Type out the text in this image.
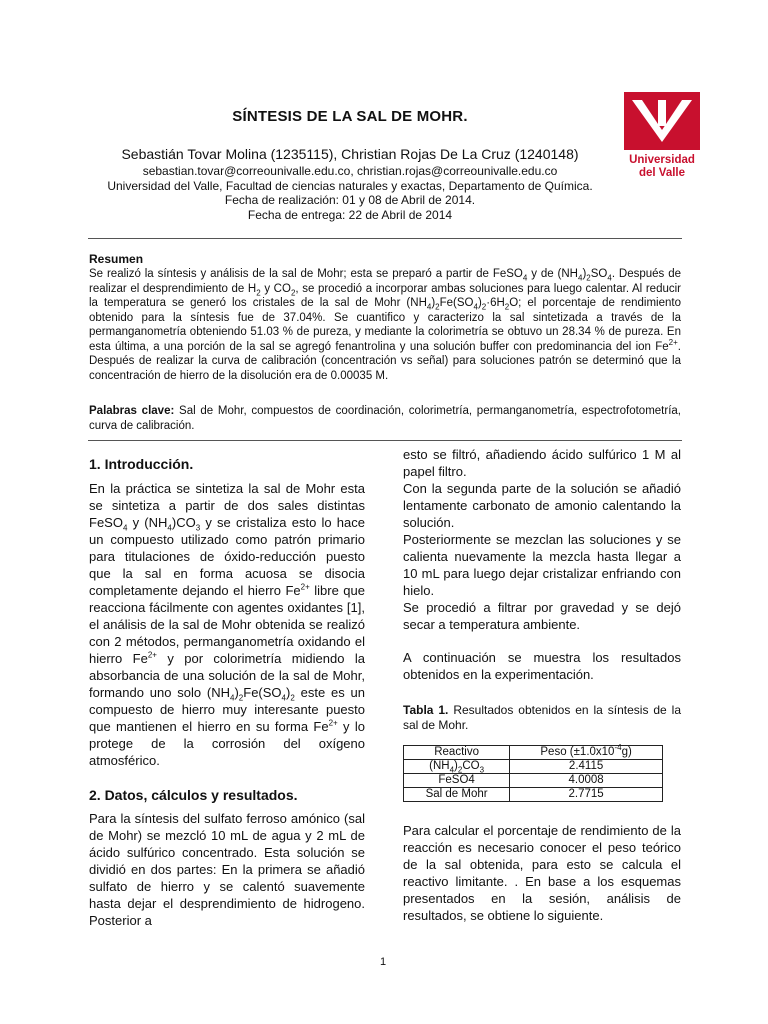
SÍNTESIS DE LA SAL DE MOHR.
Sebastián Tovar Molina (1235115), Christian Rojas De La Cruz (1240148)
sebastian.tovar@correounivalle.edu.co, christian.rojas@correounivalle.edu.co
Universidad del Valle, Facultad de ciencias naturales y exactas, Departamento de Química.
Fecha de realización: 01 y 08 de Abril de 2014.
Fecha de entrega: 22 de Abril de 2014
Universidad
del Valle
Resumen

Se realizó la síntesis y análisis de la sal de Mohr; esta se preparó a partir de FeSO$_4$ y de $(NH_4)_2SO_4$. Después de realizar el desprendimiento de $H_2$ y $CO_2$, se procedió a incorporar ambas soluciones para luego calentar. Al reducir la temperatura se generó los cristales de la sal de Mohr $(NH_4)_2Fe(SO_4)_2\cdot 6H_2O$; el porcentaje de rendimiento obtenido para la síntesis fue de 37.04%. Se cuantifico y caracterizo la sal sintetizada a través de la permanganometría obteniendo 51.03 % de pureza, y mediante la colorimetría se obtuvo un 28.34 % de pureza. En esta última, a una porción de la sal se agregó fenantrolina y una solución buffer con predominancia del ion $Fe^{2+}$. Después de realizar la curva de calibración (concentración vs señal) para soluciones patrón se determinó que la concentración de hierro de la disolución era de 0.00035 M.

Palabras clave: Sal de Mohr, compuestos de coordinación, colorimetría, permanganometría, espectrofotometría, curva de calibración.
1. Introducción.

En la práctica se sintetiza la sal de Mohr esta se sintetiza a partir de dos sales distintas FeSO$_4$ y $(NH_4)CO_3$ y se cristaliza esto lo hace un compuesto utilizado como patrón primario para titulaciones de óxido-reducción puesto que la sal en forma acuosa se disocia completamente dejando el hierro $Fe^{2+}$ libre que reacciona fácilmente con agentes oxidantes [1], el análisis de la sal de Mohr obtenida se realizó con 2 métodos, permanganometría oxidando el hierro $Fe^{2+}$ y por colorimetría midiendo la absorbancia de una solución de la sal de Mohr, formando uno solo $(NH_4)_2Fe(SO_4)_2$ este es un compuesto de hierro muy interesante puesto que mantienen el hierro en su forma $Fe^{2+}$ y lo protege de la corrosión del oxígeno atmosférico.

2. Datos, cálculos y resultados.

Para la síntesis del sulfato ferroso amónico (sal de Mohr) se mezcló 10 mL de agua y 2 mL de ácido sulfúrico concentrado. Esta solución se dividió en dos partes: En la primera se añadió sulfato de hierro y se calentó suavemente hasta dejar el desprendimiento de hidrogeno. Posterior a

esto se filtró, añadiendo ácido sulfúrico 1 M al papel filtro.

Con la segunda parte de la solución se añadió lentamente carbonato de amonio calentando la solución.

Posteriormente se mezclan las soluciones y se calienta nuevamente la mezcla hasta llegar a 10 mL para luego dejar cristalizar enfriando con hielo.

Se procedió a filtrar por gravedad y se dejó secar a temperatura ambiente.

A continuación se muestra los resultados obtenidos en la experimentación.

Tabla 1. Resultados obtenidos en la síntesis de la sal de Mohr.
Reactivo	Peso $(\pm 1.0x10^{-4}g)$
$(NH_4)_2CO_3$	2.4115
FeSO4	4.0008
Sal de Mohr	2.7715

Para calcular el porcentaje de rendimiento de la reacción es necesario conocer el peso teórico de la sal obtenida, para esto se calcula el reactivo limitante. . En base a los esquemas presentados en la sesión, análisis de resultados, se obtiene lo siguiente.

1
